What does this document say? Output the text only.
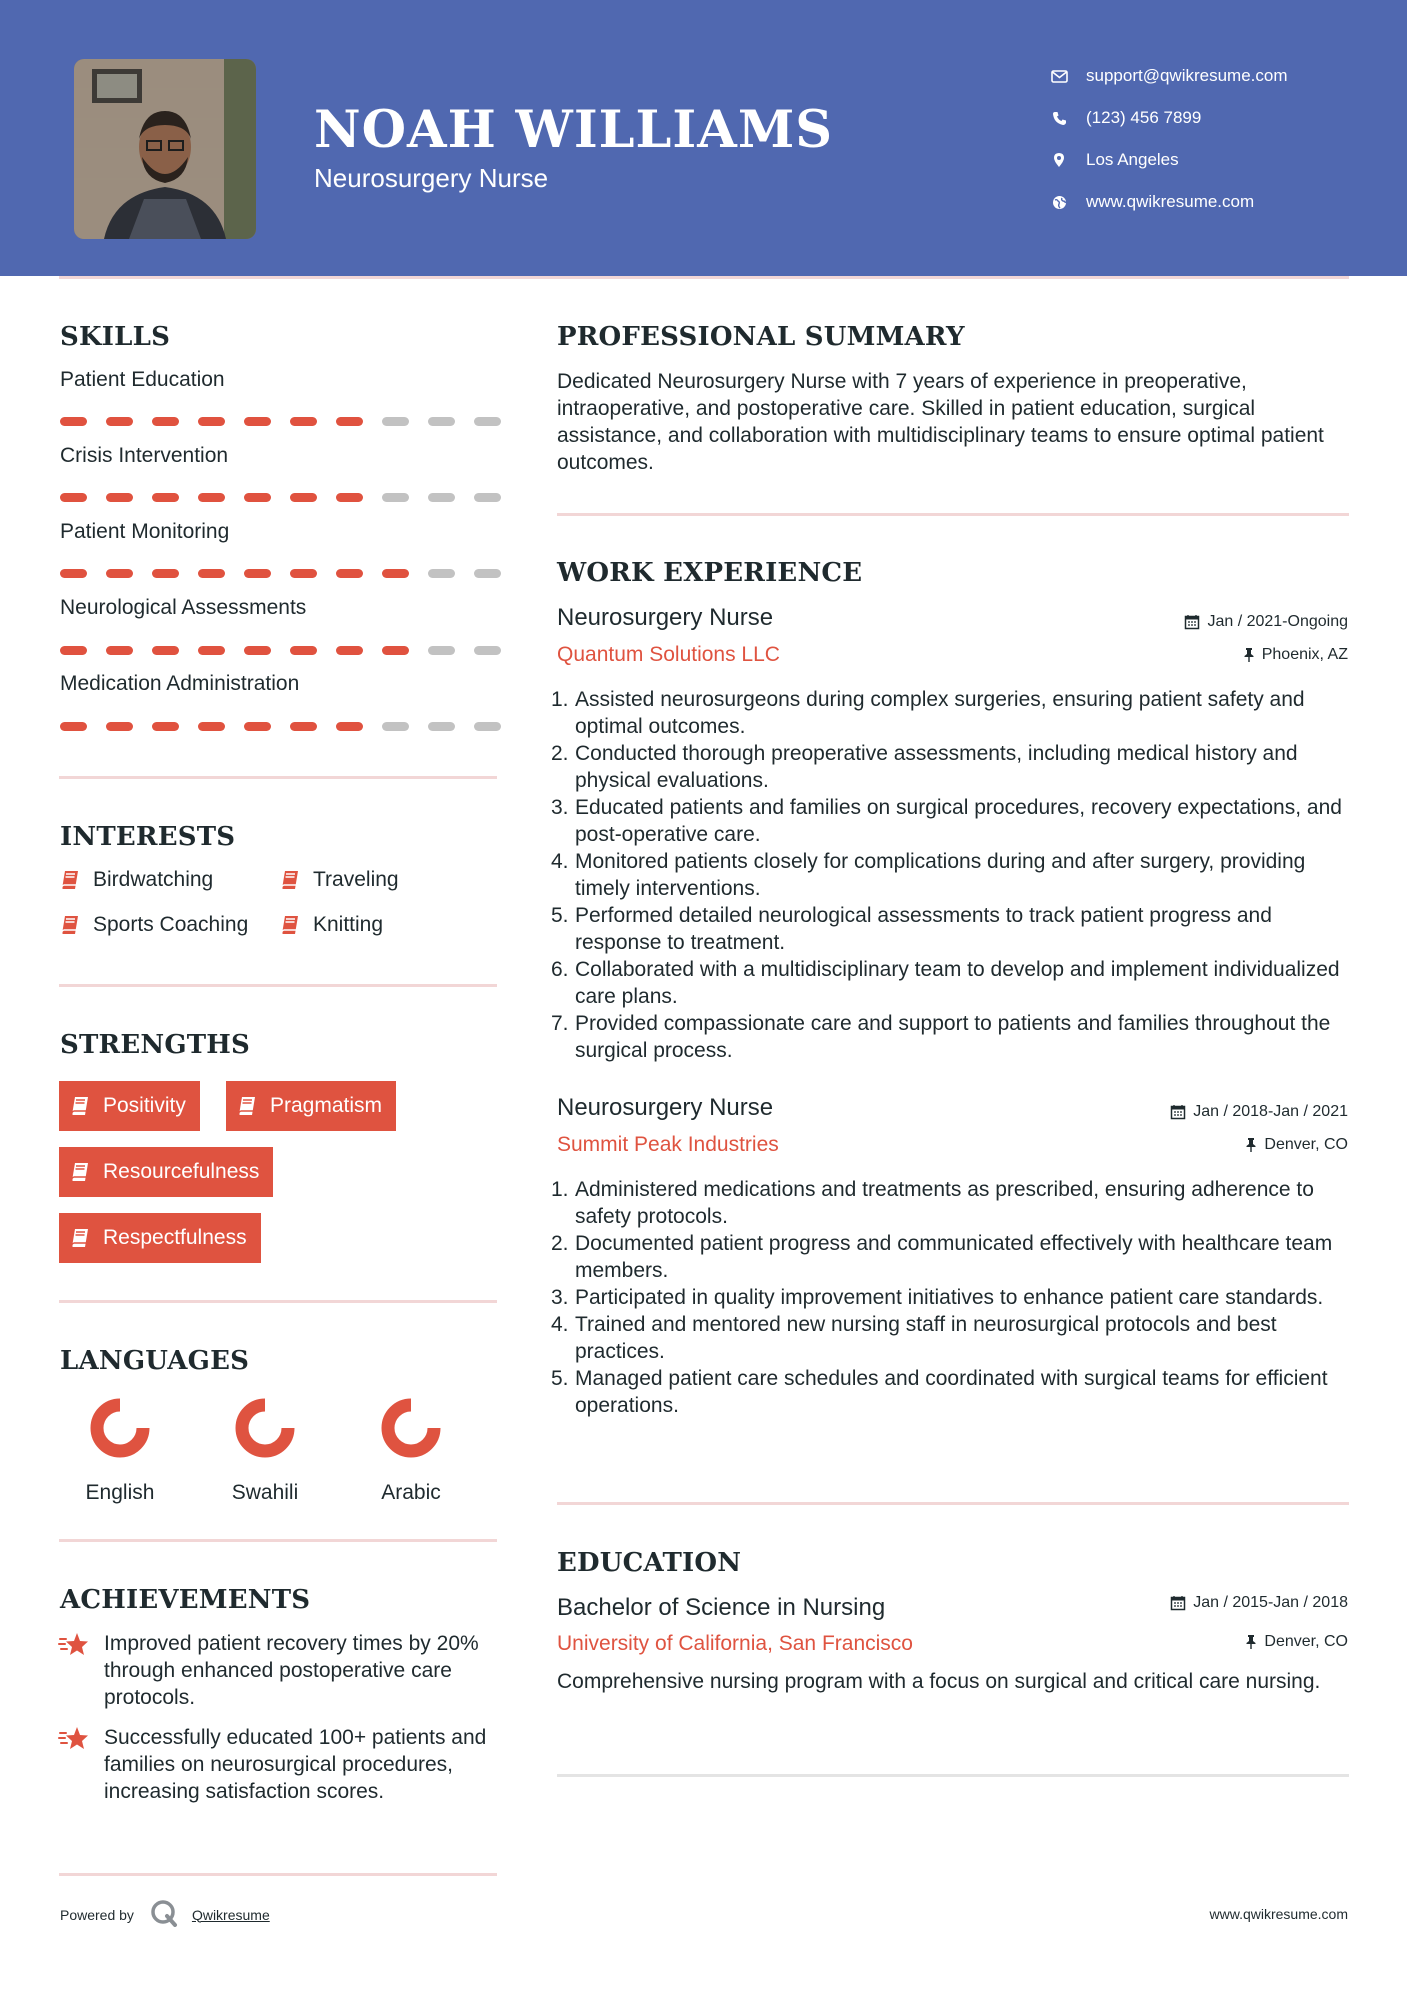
NOAH WILLIAMS
Neurosurgery Nurse
support@qwikresume.com
(123) 456 7899
Los Angeles
www.qwikresume.com
SKILLS
Patient Education
Crisis Intervention
Patient Monitoring
Neurological Assessments
Medication Administration
INTERESTS
Birdwatching	Traveling
Sports Coaching	Knitting
STRENGTHS
Positivity	Pragmatism
Resourcefulness
Respectfulness
LANGUAGES
English	Swahili	Arabic
ACHIEVEMENTS
Improved patient recovery times by 20% through enhanced postoperative care protocols.
Successfully educated 100+ patients and families on neurosurgical procedures, increasing satisfaction scores.
PROFESSIONAL SUMMARY

Dedicated Neurosurgery Nurse with 7 years of experience in preoperative, intraoperative, and postoperative care. Skilled in patient education, surgical assistance, and collaboration with multidisciplinary teams to ensure optimal patient outcomes.

WORK EXPERIENCE
Neurosurgery Nurse	Jan / 2021-Ongoing
Quantum Solutions LLC	Phoenix, AZ
1. Assisted neurosurgeons during complex surgeries, ensuring patient safety and optimal outcomes.
2. Conducted thorough preoperative assessments, including medical history and physical evaluations.
3. Educated patients and families on surgical procedures, recovery expectations, and post-operative care.
4. Monitored patients closely for complications during and after surgery, providing timely interventions.
5. Performed detailed neurological assessments to track patient progress and response to treatment.
6. Collaborated with a multidisciplinary team to develop and implement individualized care plans.
7. Provided compassionate care and support to patients and families throughout the surgical process.
Neurosurgery Nurse	Jan / 2018-Jan / 2021
Summit Peak Industries	Denver, CO
1. Administered medications and treatments as prescribed, ensuring adherence to safety protocols.
2. Documented patient progress and communicated effectively with healthcare team members.
3. Participated in quality improvement initiatives to enhance patient care standards.
4. Trained and mentored new nursing staff in neurosurgical protocols and best practices.
5. Managed patient care schedules and coordinated with surgical teams for efficient operations.
EDUCATION
Bachelor of Science in Nursing	Jan / 2015-Jan / 2018
University of California, San Francisco	Denver, CO

Comprehensive nursing program with a focus on surgical and critical care nursing.

Powered by	Qwikresume	www.qwikresume.com
